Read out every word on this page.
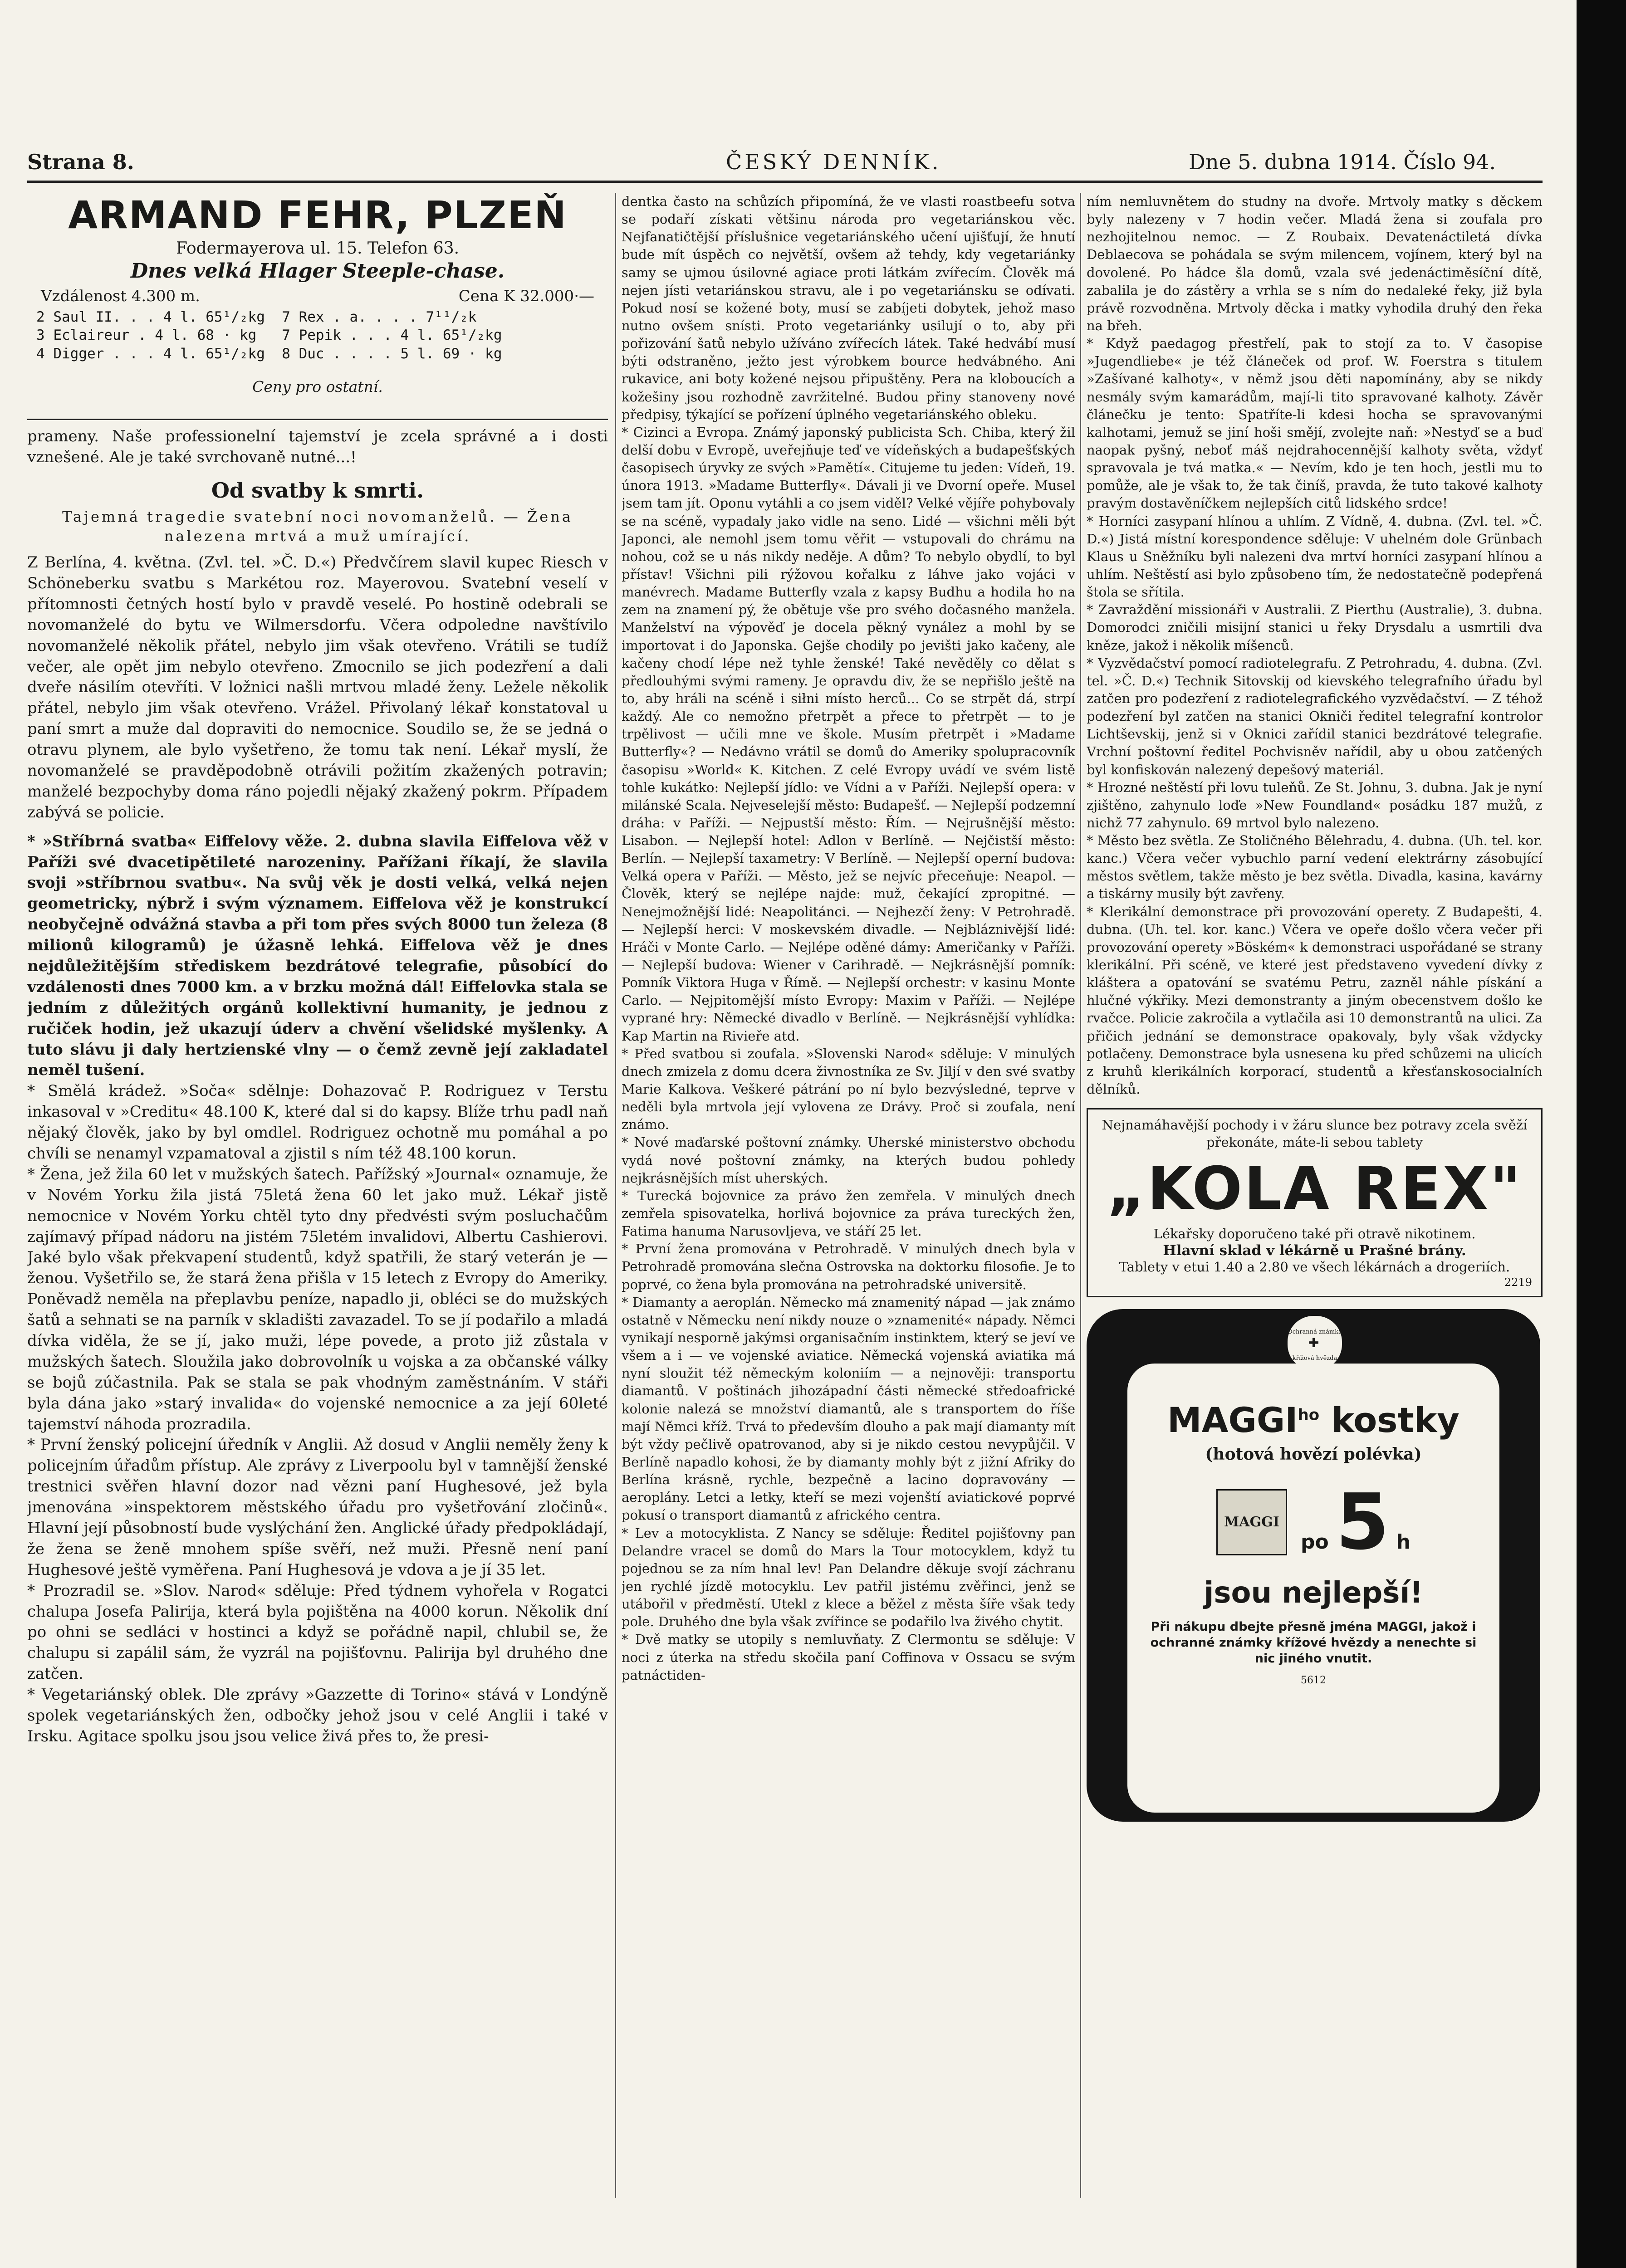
Strana 8.	ČESKÝ DENNÍK.	Dne 5. dubna 1914. Číslo 94.

ARMAND FEHR, PLZEŇ

Fodermayerova ul. 15. Telefon 63.

Dnes velká Hlager Steeple-chase.

Vzdálenost 4.300 m.	Cena K 32.000·—
2 Saul II. . . 4 l. 65¹/₂kg  7 Rex . a. . . . 7¹¹/₂k
3 Eclaireur . 4 l. 68 · kg   7 Pepik . . . 4 l. 65¹/₂kg
4 Digger . . . 4 l. 65¹/₂kg  8 Duc . . . . 5 l. 69 · kg

Ceny pro ostatní.

prameny. Naše professionelní tajemství je zcela správné a i dosti vznešené. Ale je také svrchovaně nutné...!

Od svatby k smrti.

Tajemná tragedie svatební noci novomanželů. — Žena nalezena mrtvá a muž umírající.

Z Berlína, 4. května. (Zvl. tel. »Č. D.«) Předvčírem slavil kupec Riesch v Schöneberku svatbu s Markétou roz. Mayerovou. Svatební veselí v přítomnosti četných hostí bylo v pravdě veselé. Po hostině odebrali se novomanželé do bytu ve Wilmersdorfu. Včera odpoledne navštívilo novomanželé několik přátel, nebylo jim však otevřeno. Vrátili se tudíž večer, ale opět jim nebylo otevřeno. Zmocnilo se jich podezření a dali dveře násilím otevříti. V ložnici našli mrtvou mladé ženy. Ležele několik přátel, nebylo jim však otevřeno. Vrážel. Přivolaný lékař konstatoval u paní smrt a muže dal dopraviti do nemocnice. Soudilo se, že se jedná o otravu plynem, ale bylo vyšetřeno, že tomu tak není. Lékař myslí, že novomanželé se pravděpodobně otrávili požitím zkažených potravin; manželé bezpochyby doma ráno pojedli nějaký zkažený pokrm. Případem zabývá se policie.

* »Stříbrná svatba« Eiffelovy věže. 2. dubna slavila Eiffelova věž v Paříži své dvacetipětileté narozeniny. Pařížani říkají, že slavila svoji »stříbrnou svatbu«. Na svůj věk je dosti velká, velká nejen geometricky, nýbrž i svým významem. Eiffelova věž je konstrukcí neobyčejně odvážná stavba a při tom přes svých 8000 tun železa (8 milionů kilogramů) je úžasně lehká. Eiffelova věž je dnes nejdůležitějším střediskem bezdrátové telegrafie, působící do vzdálenosti dnes 7000 km. a v brzku možná dál! Eiffelovka stala se jedním z důležitých orgánů kollektivní humanity, je jednou z ručiček hodin, jež ukazují úderv a chvění všelidské myšlenky. A tuto slávu ji daly hertzienské vlny — o čemž zevně její zakladatel neměl tušení.

* Smělá krádež. »Soča« sdělnje: Dohazovač P. Rodriguez v Terstu inkasoval v »Creditu« 48.100 K, které dal si do kapsy. Blíže trhu padl naň nějaký člověk, jako by byl omdlel. Rodriguez ochotně mu pomáhal a po chvíli se nenamyl vzpamatoval a zjistil s ním též 48.100 korun.

* Žena, jež žila 60 let v mužských šatech. Pařížský »Journal« oznamuje, že v Novém Yorku žila jistá 75letá žena 60 let jako muž. Lékař jistě nemocnice v Novém Yorku chtěl tyto dny předvésti svým posluchačům zajímavý případ nádoru na jistém 75letém invalidovi, Albertu Cashierovi. Jaké bylo však překvapení studentů, když spatřili, že starý veterán je — ženou. Vyšetřilo se, že stará žena přišla v 15 letech z Evropy do Ameriky. Poněvadž neměla na přeplavbu peníze, napadlo ji, obléci se do mužských šatů a sehnati se na parník v skladišti zavazadel. To se jí podařilo a mladá dívka viděla, že se jí, jako muži, lépe povede, a proto již zůstala v mužských šatech. Sloužila jako dobrovolník u vojska a za občanské války se bojů zúčastnila. Pak se stala se pak vhodným zaměstnáním. V stáři byla dána jako »starý invalida« do vojenské nemocnice a za její 60leté tajemství náhoda prozradila.

* První ženský policejní úředník v Anglii. Až dosud v Anglii neměly ženy k policejním úřadům přístup. Ale zprávy z Liverpoolu byl v tamnější ženské trestnici svěřen hlavní dozor nad vězni paní Hughesové, jež byla jmenována »inspektorem městského úřadu pro vyšetřování zločinů«. Hlavní její působností bude vyslýchání žen. Anglické úřady předpokládají, že žena se ženě mnohem spíše svěří, než muži. Přesně není paní Hughesové ještě vyměřena. Paní Hughesová je vdova a je jí 35 let.

* Prozradil se. »Slov. Narod« sděluje: Před týdnem vyhořela v Rogatci chalupa Josefa Palirija, která byla pojištěna na 4000 korun. Několik dní po ohni se sedláci v hostinci a když se pořádně napil, chlubil se, že chalupu si zapálil sám, že vyzrál na pojišťovnu. Palirija byl druhého dne zatčen.

* Vegetariánský oblek. Dle zprávy »Gazzette di Torino« stává v Londýně spolek vegetariánských žen, odbočky jehož jsou v celé Anglii i také v Irsku. Agitace spolku jsou jsou velice živá přes to, že presi-

dentka často na schůzích připomíná, že ve vlasti roastbeefu sotva se podaří získati většinu národa pro vegetariánskou věc. Nejfanatičtější příslušnice vegetariánského učení ujišťují, že hnutí bude mít úspěch co největší, ovšem až tehdy, kdy vegetariánky samy se ujmou úsilovné agiace proti látkám zvířecím. Člověk má nejen jísti vetariánskou stravu, ale i po vegetariánsku se odívati. Pokud nosí se kožené boty, musí se zabíjeti dobytek, jehož maso nutno ovšem snísti. Proto vegetariánky usilují o to, aby při pořizování šatů nebylo užíváno zvířecích látek. Také hedvábí musí býti odstraněno, ježto jest výrobkem bource hedvábného. Ani rukavice, ani boty kožené nejsou připuštěny. Pera na kloboucích a kožešiny jsou rozhodně zavržitelné. Budou přiny stanoveny nové předpisy, týkající se pořízení úplného vegetariánského obleku.

* Cizinci a Evropa. Známý japonský publicista Sch. Chiba, který žil delší dobu v Evropě, uveřejňuje teď ve vídeňských a budapešťských časopisech úryvky ze svých »Pamětí«. Citujeme tu jeden: Vídeň, 19. února 1913. »Madame Butterfly«. Dávali ji ve Dvorní opeře. Musel jsem tam jít. Oponu vytáhli a co jsem viděl? Velké vějíře pohybovaly se na scéně, vypadaly jako vidle na seno. Lidé — všichni měli být Japonci, ale nemohl jsem tomu věřit — vstupovali do chrámu na nohou, což se u nás nikdy neděje. A dům? To nebylo obydlí, to byl přístav! Všichni pili rýžovou kořalku z láhve jako vojáci v manévrech. Madame Butterfly vzala z kapsy Budhu a hodila ho na zem na znamení pý, že obětuje vše pro svého dočasného manžela. Manželství na výpověď je docela pěkný vynález a mohl by se importovat i do Japonska. Gejše chodily po jevišti jako kačeny, ale kačeny chodí lépe než tyhle ženské! Také nevěděly co dělat s předlouhými svými rameny. Je opravdu div, že se nepřišlo ještě na to, aby hráli na scéně i siłni místo herců... Co se strpět dá, strpí každý. Ale co nemožno přetrpět a přece to přetrpět — to je trpělivost — učili mne ve škole. Musím přetrpět i »Madame Butterfly«? — Nedávno vrátil se domů do Ameriky spolupracovník časopisu »World« K. Kitchen. Z celé Evropy uvádí ve svém listě tohle kukátko: Nejlepší jídlo: ve Vídni a v Paříži. Nejlepší opera: v milánské Scala. Nejveselejší město: Budapešť. — Nejlepší podzemní dráha: v Paříži. — Nejpustší město: Řím. — Nejrušnější město: Lisabon. — Nejlepší hotel: Adlon v Berlíně. — Nejčistší město: Berlín. — Nejlepší taxametry: V Berlíně. — Nejlepší operní budova: Velká opera v Paříži. — Město, jež se nejvíc přeceňuje: Neapol. — Člověk, který se nejlépe najde: muž, čekající zpropitné. — Nenejmožnější lidé: Neapolitánci. — Nejhezčí ženy: V Petrohradě. — Nejlepší herci: V moskevském divadle. — Nejbláznivější lidé: Hráči v Monte Carlo. — Nejlépe oděné dámy: Američanky v Paříži. — Nejlepší budova: Wiener v Carihradě. — Nejkrásnější pomník: Pomník Viktora Huga v Římě. — Nejlepší orchestr: v kasinu Monte Carlo. — Nejpitomější místo Evropy: Maxim v Paříži. — Nejlépe vyprané hry: Německé divadlo v Berlíně. — Nejkrásnější vyhlídka: Kap Martin na Rivieře atd.

* Před svatbou si zoufala. »Slovenski Narod« sděluje: V minulých dnech zmizela z domu dcera živnostníka ze Sv. Jiljí v den své svatby Marie Kalkova. Veškeré pátrání po ní bylo bezvýsledné, teprve v neděli byla mrtvola její vylovena ze Drávy. Proč si zoufala, není známo.

* Nové maďarské poštovní známky. Uherské ministerstvo obchodu vydá nové poštovní známky, na kterých budou pohledy nejkrásnějších míst uherských.

* Turecká bojovnice za právo žen zemřela. V minulých dnech zemřela spisovatelka, horlivá bojovnice za práva tureckých žen, Fatima hanuma Narusovljeva, ve stáří 25 let.

* První žena promována v Petrohradě. V minulých dnech byla v Petrohradě promována slečna Ostrovska na doktorku filosofie. Je to poprvé, co žena byla promována na petrohradské universitě.

* Diamanty a aeroplán. Německo má znamenitý nápad — jak známo ostatně v Německu není nikdy nouze o »znamenité« nápady. Němci vynikají nesporně jakýmsi organisačním instinktem, který se jeví ve všem a i — ve vojenské aviatice. Německá vojenská aviatika má nyní sloužit též německým koloniím — a nejnověji: transportu diamantů. V poštinách jihozápadní části německé středoafrické kolonie nalezá se množství diamantů, ale s transportem do říše mají Němci kříž. Trvá to především dlouho a pak mají diamanty mít být vždy pečlivě opatrovanod, aby si je nikdo cestou nevypůjčil. V Berlíně napadlo kohosi, že by diamanty mohly být z jižní Afriky do Berlína krásně, rychle, bezpečně a lacino dopravovány — aeroplány. Letci a letky, kteří se mezi vojenští aviatickové poprvé pokusí o transport diamantů z afrického centra.

* Lev a motocyklista. Z Nancy se sděluje: Ředitel pojišťovny pan Delandre vracel se domů do Mars la Tour motocyklem, když tu pojednou se za ním hnal lev! Pan Delandre děkuje svojí záchranu jen rychlé jízdě motocyklu. Lev patřil jistému zvěřinci, jenž se utábořil v předměstí. Utekl z klece a běžel z města šíře však tedy pole. Druhého dne byla však zvířince se podařilo lva živého chytit.

* Dvě matky se utopily s nemluvňaty. Z Clermontu se sděluje: V noci z úterka na středu skočila paní Coffinova v Ossacu se svým patnáctiden-

ním nemluvnětem do studny na dvoře. Mrtvoly matky s děckem byly nalezeny v 7 hodin večer. Mladá žena si zoufala pro nezhojitelnou nemoc. — Z Roubaix. Devatenáctiletá dívka Deblaecova se pohádala se svým milencem, vojínem, který byl na dovolené. Po hádce šla domů, vzala své jedenáctiměsíční dítě, zabalila je do zástěry a vrhla se s ním do nedaleké řeky, již byla právě rozvodněna. Mrtvoly děcka i matky vyhodila druhý den řeka na břeh.

* Když paedagog přestřelí, pak to stojí za to. V časopise »Jugendliebe« je též článeček od prof. W. Foerstra s titulem »Zašívané kalhoty«, v němž jsou děti napomínány, aby se nikdy nesmály svým kamarádům, mají-li tito spravované kalhoty. Závěr článečku je tento: Spatříte-li kdesi hocha se spravovanými kalhotami, jemuž se jiní hoši smějí, zvolejte naň: »Nestyď se a buď naopak pyšný, neboť máš nejdrahocennější kalhoty světa, vždyť spravovala je tvá matka.« — Nevím, kdo je ten hoch, jestli mu to pomůže, ale je však to, že tak činíš, pravda, že tuto takové kalhoty pravým dostavěníčkem nejlepších citů lidského srdce!

* Horníci zasypaní hlínou a uhlím. Z Vídně, 4. dubna. (Zvl. tel. »Č. D.«) Jistá místní korespondence sděluje: V uhelném dole Grünbach Klaus u Sněžníku byli nalezeni dva mrtví horníci zasypaní hlínou a uhlím. Neštěstí asi bylo způsobeno tím, že nedostatečně podepřená štola se sřítila.

* Zavraždění missionáři v Australii. Z Pierthu (Australie), 3. dubna. Domorodci zničili misijní stanici u řeky Drysdalu a usmrtili dva kněze, jakož i několik míšenců.

* Vyzvědačství pomocí radiotelegrafu. Z Petrohradu, 4. dubna. (Zvl. tel. »Č. D.«) Technik Sitovskij od kievského telegrafního úřadu byl zatčen pro podezření z radiotelegrafického vyzvědačství. — Z téhož podezření byl zatčen na stanici Okniči ředitel telegrafní kontrolor Lichtševskij, jenž si v Oknici zařídil stanici bezdrátové telegrafie. Vrchní poštovní ředitel Pochvisněv nařídil, aby u obou zatčených byl konfiskován nalezený depešový materiál.

* Hrozné neštěstí při lovu tuleňů. Ze St. Johnu, 3. dubna. Jak je nyní zjištěno, zahynulo loďe »New Foundland« posádku 187 mužů, z nichž 77 zahynulo. 69 mrtvol bylo nalezeno.

* Město bez světla. Ze Stoličného Bělehradu, 4. dubna. (Uh. tel. kor. kanc.) Včera večer vybuchlo parní vedení elektrárny zásobující městos světlem, takže město je bez světla. Divadla, kasina, kavárny a tiskárny musily být zavřeny.

* Klerikální demonstrace při provozování operety. Z Budapešti, 4. dubna. (Uh. tel. kor. kanc.) Včera ve opeře došlo včera večer při provozování operety »Böském« k demonstraci uspořádané se strany klerikální. Při scéně, ve které jest představeno vyvedení dívky z kláštera a opatování se svatému Petru, zazněl náhle pískání a hlučné výkřiky. Mezi demonstranty a jiným obecenstvem došlo ke rvačce. Policie zakročila a vytlačila asi 10 demonstrantů na ulici. Za přičich jednání se demonstrace opakovaly, byly však vždycky potlačeny. Demonstrace byla usnesena ku před schůzemi na ulicích z kruhů klerikálních korporací, studentů a křesťanskosocialních dělníků.

Nejnamáhavější pochody i v žáru slunce bez potravy zcela svěží překonáte, máte-li sebou tablety

„KOLA REX"

Lékařsky doporučeno také při otravě nikotinem.

Hlavní sklad v lékárně u Prašné brány.

Tablety v etui 1.40 a 2.80 ve všech lékárnách a drogeriích.

2219

Ochranná známka
✚
křížová hvězda

$MAGGI^{ho}$ kostky

(hotová hovězí polévka)

MAGGI
po 5 h

jsou nejlepší!

Při nákupu dbejte přesně jména MAGGI, jakož i ochranné známky křížové hvězdy a nenechte si nic jiného vnutit.

5612
